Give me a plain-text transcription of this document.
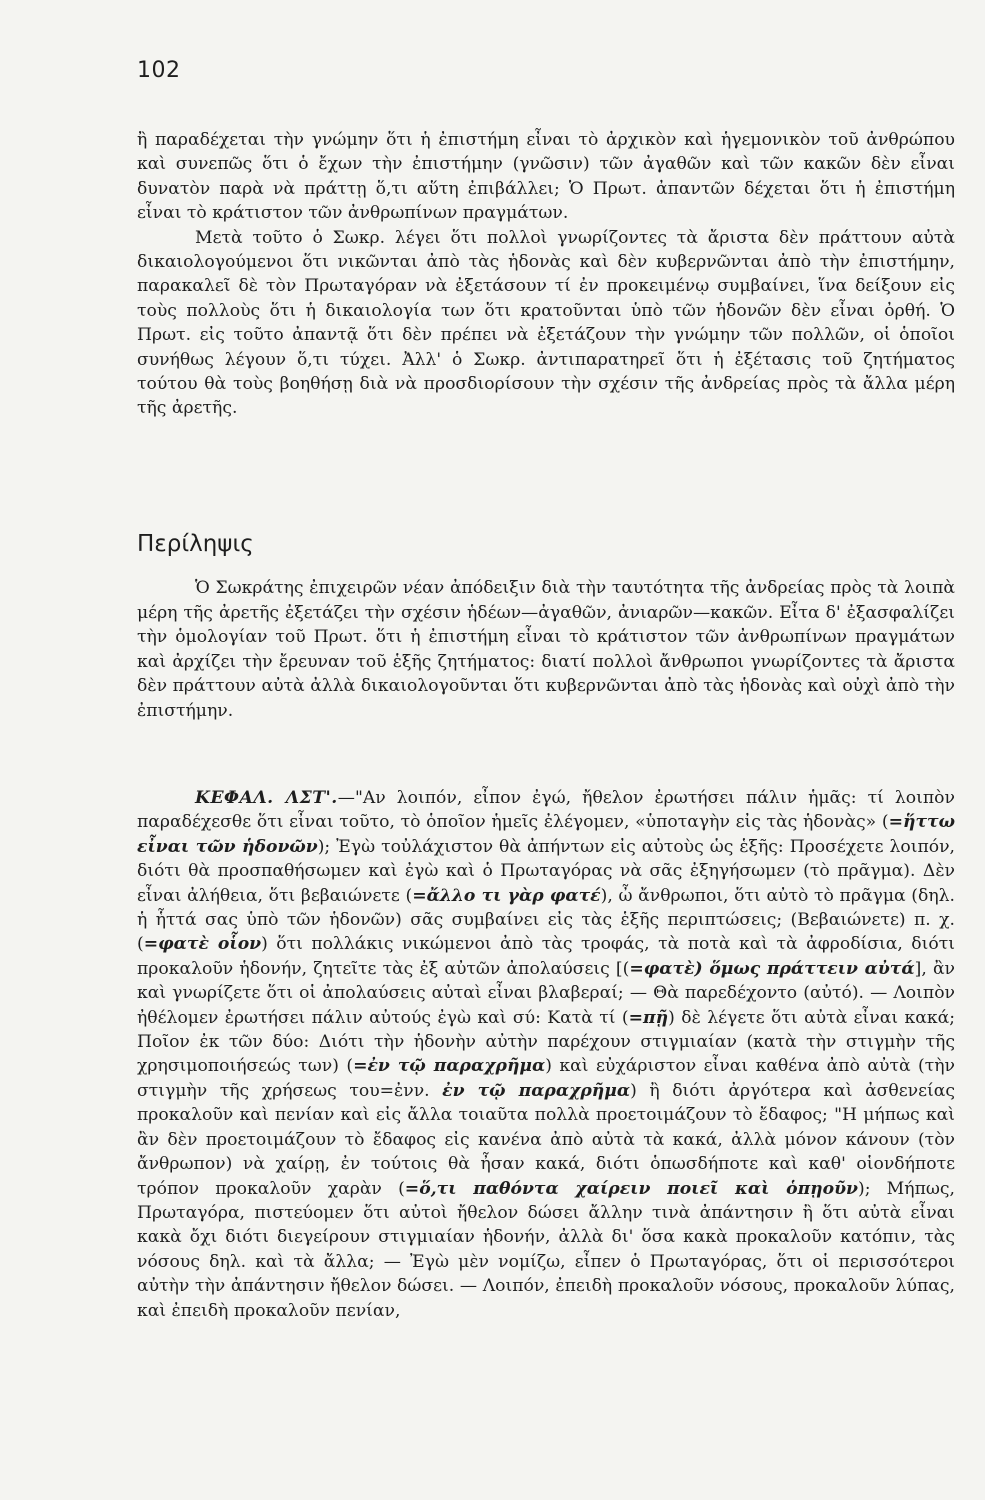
102

ἢ παραδέχεται τὴν γνώμην ὅτι ἡ ἐπιστήμη εἶναι τὸ ἀρχικὸν καὶ ἡγεμονικὸν τοῦ ἀνθρώπου καὶ συνεπῶς ὅτι ὁ ἔχων τὴν ἐπιστήμην (γνῶσιν) τῶν ἀγαθῶν καὶ τῶν κακῶν δὲν εἶναι δυνατὸν παρὰ νὰ πράττῃ ὅ,τι αὕτη ἐπιβάλλει; Ὁ Πρωτ. ἀπαντῶν δέχεται ὅτι ἡ ἐπιστήμη εἶναι τὸ κράτιστον τῶν ἀνθρωπίνων πραγμάτων.

Μετὰ τοῦτο ὁ Σωκρ. λέγει ὅτι πολλοὶ γνωρίζοντες τὰ ἄριστα δὲν πράττουν αὐτὰ δικαιολογούμενοι ὅτι νικῶνται ἀπὸ τὰς ἡδονὰς καὶ δὲν κυβερνῶνται ἀπὸ τὴν ἐπιστήμην, παρακαλεῖ δὲ τὸν Πρωταγόραν νὰ ἐξετάσουν τί ἐν προκειμένῳ συμβαίνει, ἵνα δείξουν εἰς τοὺς πολλοὺς ὅτι ἡ δικαιολογία των ὅτι κρατοῦνται ὑπὸ τῶν ἡδονῶν δὲν εἶναι ὀρθή. Ὁ Πρωτ. εἰς τοῦτο ἀπαντᾷ ὅτι δὲν πρέπει νὰ ἐξετάζουν τὴν γνώμην τῶν πολλῶν, οἱ ὁποῖοι συνήθως λέγουν ὅ,τι τύχει. Ἀλλ' ὁ Σωκρ. ἀντιπαρατηρεῖ ὅτι ἡ ἐξέτασις τοῦ ζητήματος τούτου θὰ τοὺς βοηθήσῃ διὰ νὰ προσδιορίσουν τὴν σχέσιν τῆς ἀνδρείας πρὸς τὰ ἄλλα μέρη τῆς ἀρετῆς.

Περίληψις

Ὁ Σωκράτης ἐπιχειρῶν νέαν ἀπόδειξιν διὰ τὴν ταυτότητα τῆς ἀνδρείας πρὸς τὰ λοιπὰ μέρη τῆς ἀρετῆς ἐξετάζει τὴν σχέσιν ἡδέων—ἀγαθῶν, ἀνιαρῶν—κακῶν. Εἶτα δ' ἐξασφαλίζει τὴν ὁμολογίαν τοῦ Πρωτ. ὅτι ἡ ἐπιστήμη εἶναι τὸ κράτιστον τῶν ἀνθρωπίνων πραγμάτων καὶ ἀρχίζει τὴν ἔρευναν τοῦ ἑξῆς ζητήματος: διατί πολλοὶ ἄνθρωποι γνωρίζοντες τὰ ἄριστα δὲν πράττουν αὐτὰ ἀλλὰ δικαιολογοῦνται ὅτι κυβερνῶνται ἀπὸ τὰς ἡδονὰς καὶ οὐχὶ ἀπὸ τὴν ἐπιστήμην.

ΚΕΦΑΛ. ΛΣΤ'.—"Αν λοιπόν, εἶπον ἐγώ, ἤθελον ἐρωτήσει πάλιν ἡμᾶς: τί λοιπὸν παραδέχεσθε ὅτι εἶναι τοῦτο, τὸ ὁποῖον ἡμεῖς ἐλέγομεν, «ὑποταγὴν εἰς τὰς ἡδονὰς» (=ἥττω εἶναι τῶν ἡδονῶν); Ἐγὼ τοὐλάχιστον θὰ ἀπήντων εἰς αὐτοὺς ὡς ἑξῆς: Προσέχετε λοιπόν, διότι θὰ προσπαθήσωμεν καὶ ἐγὼ καὶ ὁ Πρωταγόρας νὰ σᾶς ἐξηγήσωμεν (τὸ πρᾶγμα). Δὲν εἶναι ἀλήθεια, ὅτι βεβαιώνετε (=ἄλλο τι γὰρ φατέ), ὦ ἄνθρωποι, ὅτι αὐτὸ τὸ πρᾶγμα (δηλ. ἡ ἧττά σας ὑπὸ τῶν ἡδονῶν) σᾶς συμβαίνει εἰς τὰς ἑξῆς περιπτώσεις; (Βεβαιώνετε) π. χ. (=φατὲ οἷον) ὅτι πολλάκις νικώμενοι ἀπὸ τὰς τροφάς, τὰ ποτὰ καὶ τὰ ἀφροδίσια, διότι προκαλοῦν ἡδονήν, ζητεῖτε τὰς ἐξ αὐτῶν ἀπολαύσεις [(=φατὲ) ὅμως πράττειν αὐτά], ἂν καὶ γνωρίζετε ὅτι οἱ ἀπολαύσεις αὐταὶ εἶναι βλαβεραί; — Θὰ παρεδέχοντο (αὐτό). — Λοιπὸν ἠθέλομεν ἐρωτήσει πάλιν αὐτούς ἐγὼ καὶ σύ: Κατὰ τί (=πῇ) δὲ λέγετε ὅτι αὐτὰ εἶναι κακά; Ποῖον ἐκ τῶν δύο: Διότι τὴν ἡδονὴν αὐτὴν παρέχουν στιγμιαίαν (κατὰ τὴν στιγμὴν τῆς χρησιμοποιήσεώς των) (=ἐν τῷ παραχρῆμα) καὶ εὐχάριστον εἶναι καθένα ἀπὸ αὐτὰ (τὴν στιγμὴν τῆς χρήσεως του=ἐνν. ἐν τῷ παραχρῆμα) ἢ διότι ἀργότερα καὶ ἀσθενείας προκαλοῦν καὶ πενίαν καὶ εἰς ἄλλα τοιαῦτα πολλὰ προετοιμάζουν τὸ ἔδαφος; "Η μήπως καὶ ἂν δὲν προετοιμάζουν τὸ ἔδαφος εἰς κανένα ἀπὸ αὐτὰ τὰ κακά, ἀλλὰ μόνον κάνουν (τὸν ἄνθρωπον) νὰ χαίρῃ, ἐν τούτοις θὰ ἦσαν κακά, διότι ὁπωσδήποτε καὶ καθ' οἱονδήποτε τρόπον προκαλοῦν χαρὰν (=ὅ,τι παθόντα χαίρειν ποιεῖ καὶ ὁπῃοῦν); Μήπως, Πρωταγόρα, πιστεύομεν ὅτι αὐτοὶ ἤθελον δώσει ἄλλην τινὰ ἀπάντησιν ἢ ὅτι αὐτὰ εἶναι κακὰ ὄχι διότι διεγείρουν στιγμιαίαν ἡδονήν, ἀλλὰ δι' ὅσα κακὰ προκαλοῦν κατόπιν, τὰς νόσους δηλ. καὶ τὰ ἄλλα; — Ἐγὼ μὲν νομίζω, εἶπεν ὁ Πρωταγόρας, ὅτι οἱ περισσότεροι αὐτὴν τὴν ἀπάντησιν ἤθελον δώσει. — Λοιπόν, ἐπειδὴ προκαλοῦν νόσους, προκαλοῦν λύπας, καὶ ἐπειδὴ προκαλοῦν πενίαν,
